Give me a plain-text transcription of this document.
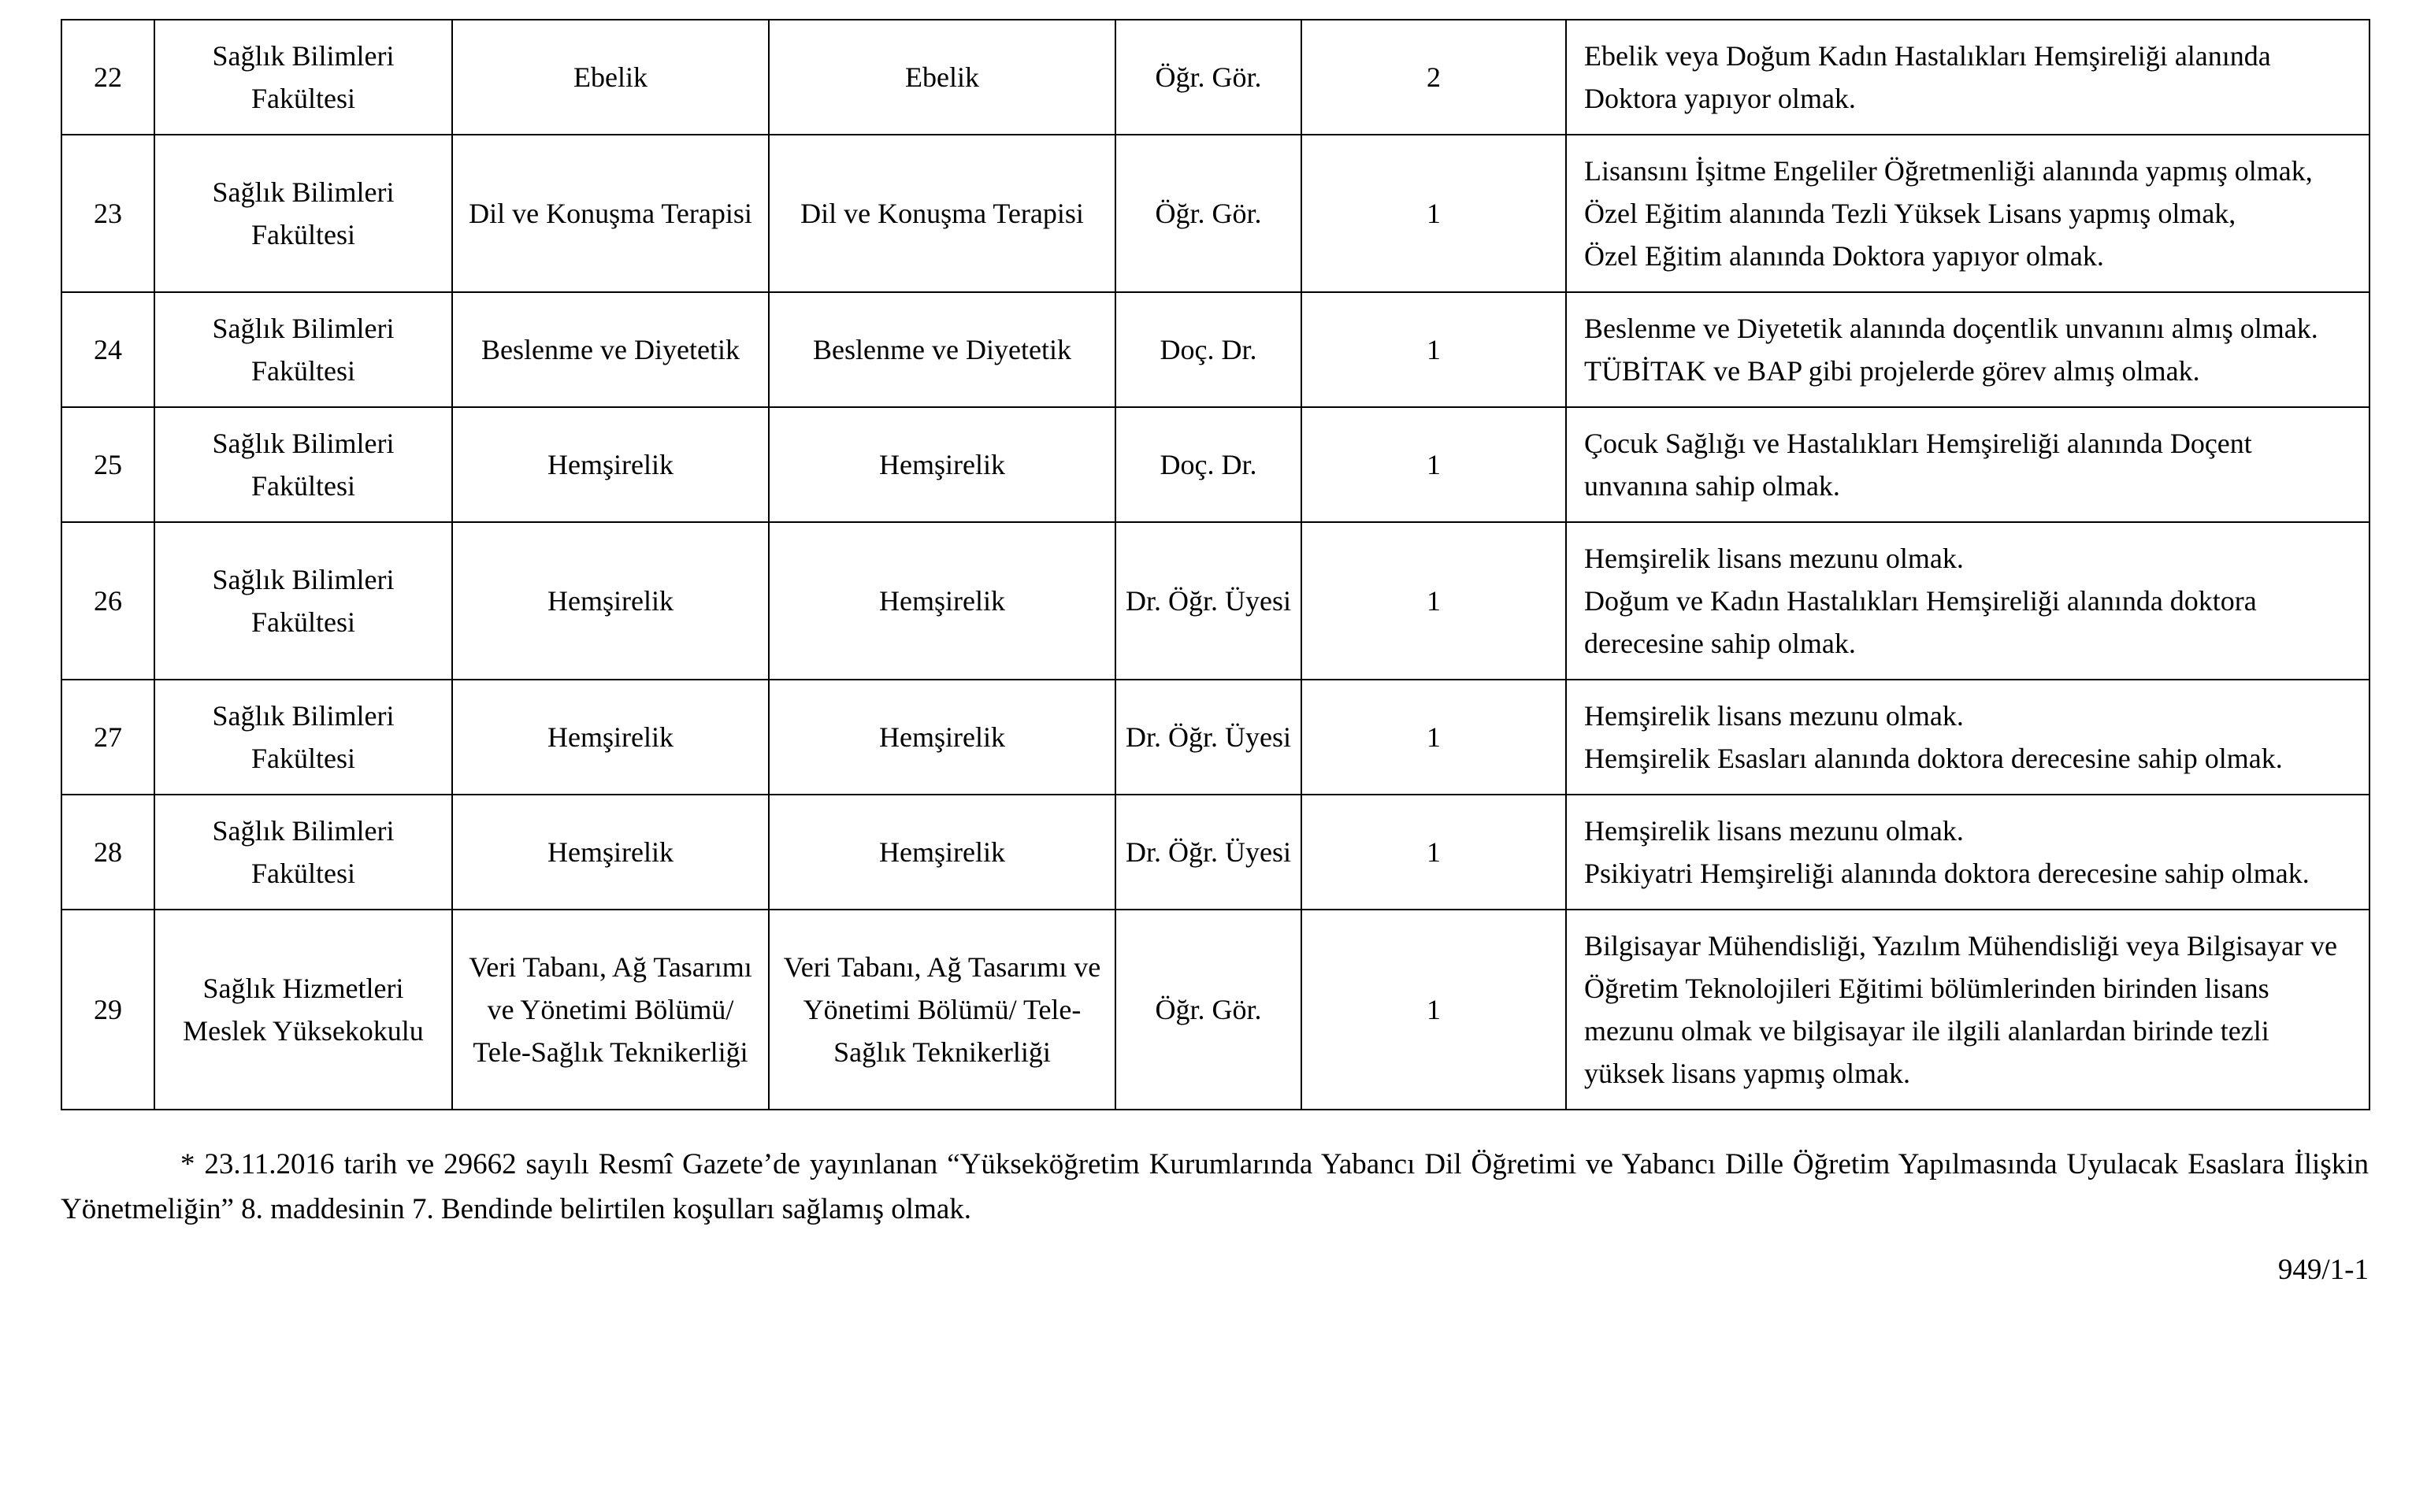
22	Sağlık Bilimleri Fakültesi	Ebelik	Ebelik	Öğr. Gör.	2	Ebelik veya Doğum Kadın Hastalıkları Hemşireliği alanında Doktora yapıyor olmak.

23	Sağlık Bilimleri Fakültesi	Dil ve Konuşma Terapisi	Dil ve Konuşma Terapisi	Öğr. Gör.	1	Lisansını İşitme Engeliler Öğretmenliği alanında yapmış olmak,
Özel Eğitim alanında Tezli Yüksek Lisans yapmış olmak,
Özel Eğitim alanında Doktora yapıyor olmak.

24	Sağlık Bilimleri Fakültesi	Beslenme ve Diyetetik	Beslenme ve Diyetetik	Doç. Dr.	1	Beslenme ve Diyetetik alanında doçentlik unvanını almış olmak.
TÜBİTAK ve BAP gibi projelerde görev almış olmak.

25	Sağlık Bilimleri Fakültesi	Hemşirelik	Hemşirelik	Doç. Dr.	1	Çocuk Sağlığı ve Hastalıkları Hemşireliği alanında Doçent unvanına sahip olmak.

26	Sağlık Bilimleri Fakültesi	Hemşirelik	Hemşirelik	Dr. Öğr. Üyesi	1	Hemşirelik lisans mezunu olmak.
Doğum ve Kadın Hastalıkları Hemşireliği alanında doktora derecesine sahip olmak.

27	Sağlık Bilimleri Fakültesi	Hemşirelik	Hemşirelik	Dr. Öğr. Üyesi	1	Hemşirelik lisans mezunu olmak.
Hemşirelik Esasları alanında doktora derecesine sahip olmak.

28	Sağlık Bilimleri Fakültesi	Hemşirelik	Hemşirelik	Dr. Öğr. Üyesi	1	Hemşirelik lisans mezunu olmak.
Psikiyatri Hemşireliği alanında doktora derecesine sahip olmak.

29	Sağlık Hizmetleri Meslek Yüksekokulu	Veri Tabanı, Ağ Tasarımı ve Yönetimi Bölümü/ Tele-Sağlık Teknikerliği	Veri Tabanı, Ağ Tasarımı ve Yönetimi Bölümü/ Tele-Sağlık Teknikerliği	Öğr. Gör.	1	Bilgisayar Mühendisliği, Yazılım Mühendisliği veya Bilgisayar ve Öğretim Teknolojileri Eğitimi bölümlerinden birinden lisans mezunu olmak ve bilgisayar ile ilgili alanlardan birinde tezli yüksek lisans yapmış olmak.

* 23.11.2016 tarih ve 29662 sayılı Resmî Gazete’de yayınlanan “Yükseköğretim Kurumlarında Yabancı Dil Öğretimi ve Yabancı Dille Öğretim Yapılmasında Uyulacak Esaslara İlişkin Yönetmeliğin” 8. maddesinin 7. Bendinde belirtilen koşulları sağlamış olmak.

949/1-1
